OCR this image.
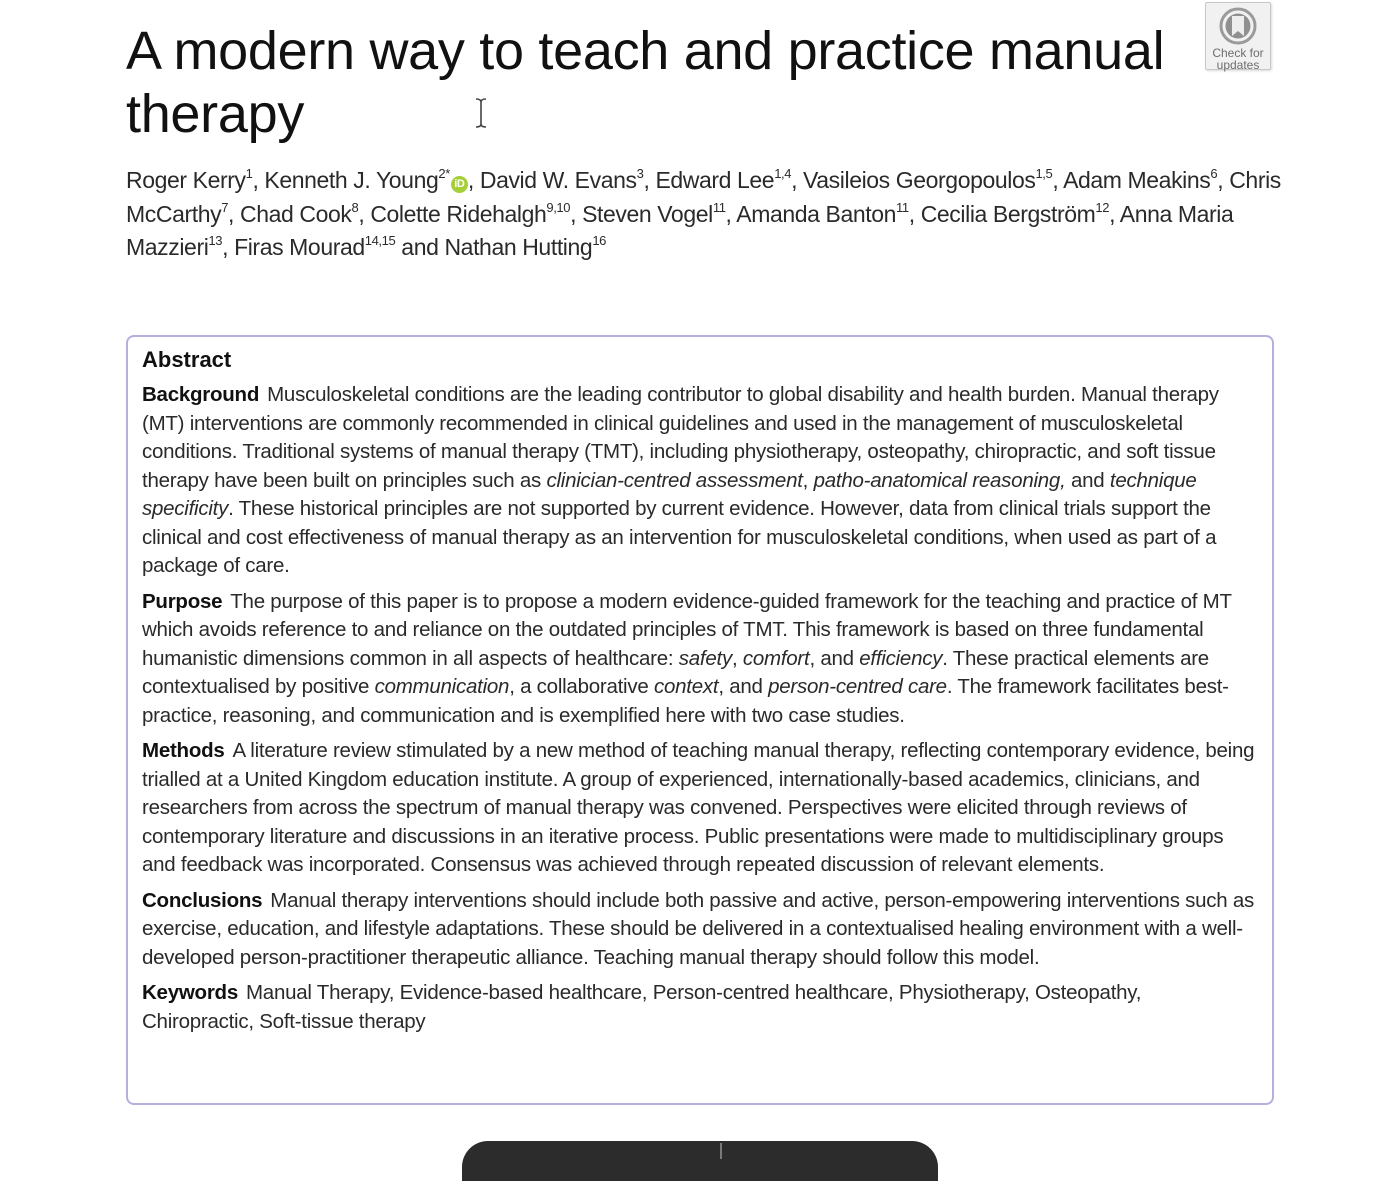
A modern way to teach and practice manual therapy
Check for
updates
Roger Kerry$^1$, Kenneth J. Young$^{2*}$iD , David W. Evans$^3$, Edward Lee$^{1,4}$, Vasileios Georgopoulos$^{1,5}$, Adam Meakins$^6$, Chris McCarthy$^7$, Chad Cook$^8$, Colette Ridehalgh$^{9,10}$, Steven Vogel$^{11}$, Amanda Banton$^{11}$, Cecilia Bergström$^{12}$, Anna Maria Mazzieri$^{13}$, Firas Mourad$^{14,15}$ and Nathan Hutting$^{16}$
Abstract
Background Musculoskeletal conditions are the leading contributor to global disability and health burden. Manual therapy (MT) interventions are commonly recommended in clinical guidelines and used in the management of musculoskeletal conditions. Traditional systems of manual therapy (TMT), including physiotherapy, osteopathy, chiropractic, and soft tissue therapy have been built on principles such as clinician-centred assessment, patho-anatomical reasoning, and technique specificity. These historical principles are not supported by current evidence. However, data from clinical trials support the clinical and cost effectiveness of manual therapy as an intervention for musculoskeletal conditions, when used as part of a package of care.
Purpose The purpose of this paper is to propose a modern evidence-guided framework for the teaching and practice of MT which avoids reference to and reliance on the outdated principles of TMT. This framework is based on three fundamental humanistic dimensions common in all aspects of healthcare: safety, comfort, and efficiency. These practical elements are contextualised by positive communication, a collaborative context, and person-centred care. The framework facilitates best-practice, reasoning, and communication and is exemplified here with two case studies.
Methods A literature review stimulated by a new method of teaching manual therapy, reflecting contemporary evidence, being trialled at a United Kingdom education institute. A group of experienced, internationally-based academics, clinicians, and researchers from across the spectrum of manual therapy was convened. Perspectives were elicited through reviews of contemporary literature and discussions in an iterative process. Public presentations were made to multidisciplinary groups and feedback was incorporated. Consensus was achieved through repeated discussion of relevant elements.
Conclusions Manual therapy interventions should include both passive and active, person-empowering interventions such as exercise, education, and lifestyle adaptations. These should be delivered in a contextualised healing environment with a well-developed person-practitioner therapeutic alliance. Teaching manual therapy should follow this model.
Keywords Manual Therapy, Evidence-based healthcare, Person-centred healthcare, Physiotherapy, Osteopathy, Chiropractic, Soft-tissue therapy
